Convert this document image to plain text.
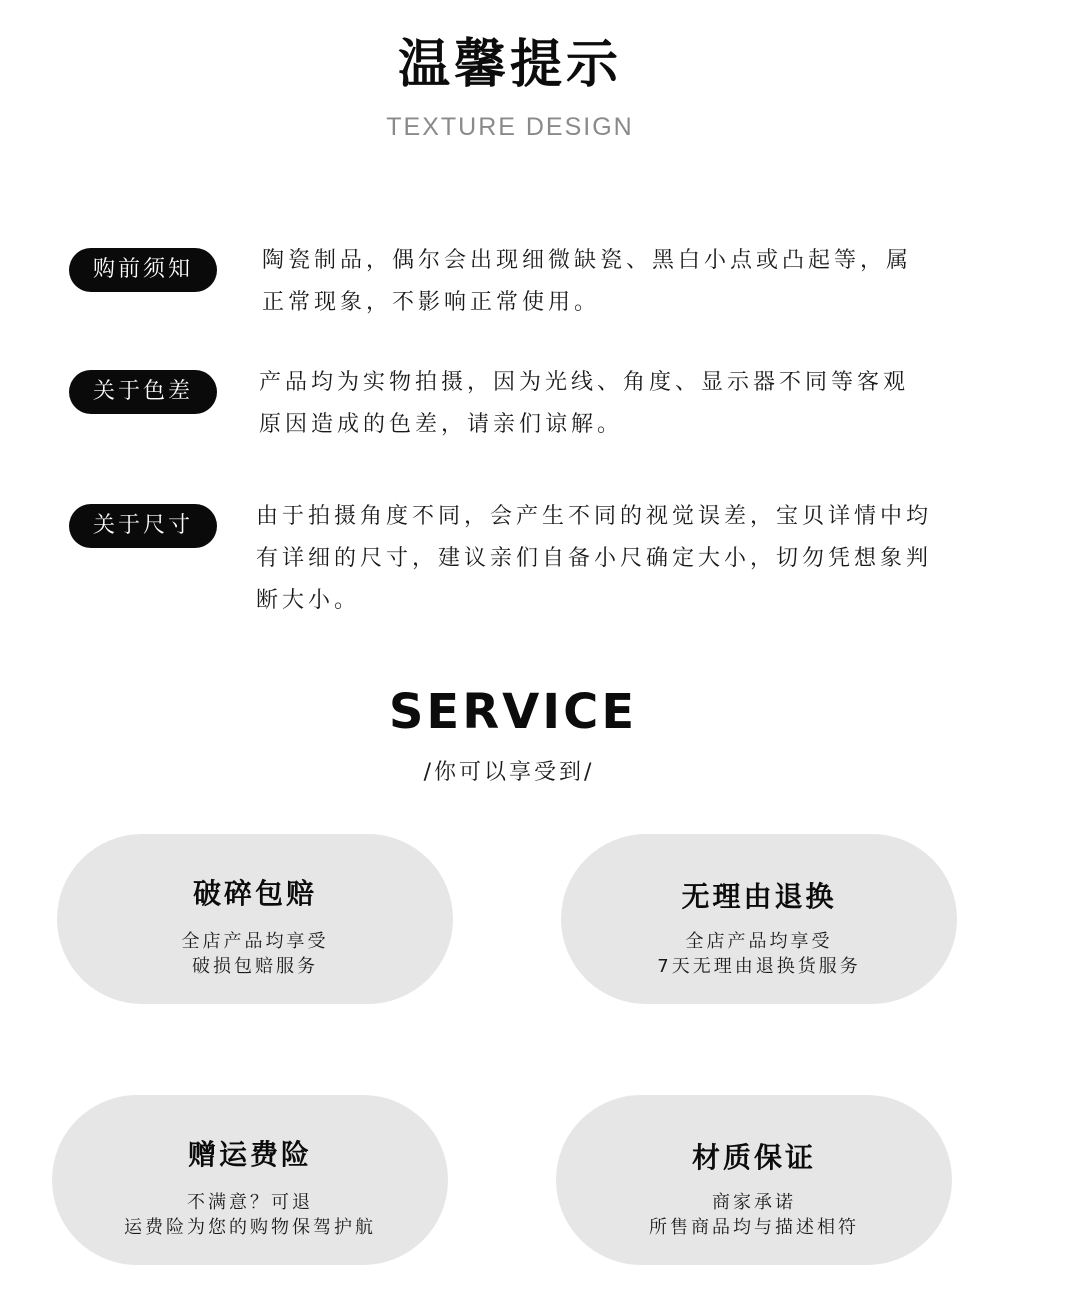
温馨提示
TEXTURE DESIGN
购前须知	陶瓷制品，偶尔会出现细微缺瓷、黑白小点或凸起等，属
正常现象，不影响正常使用。

关于色差	产品均为实物拍摄，因为光线、角度、显示器不同等客观
原因造成的色差，请亲们谅解。

关于尺寸	由于拍摄角度不同，会产生不同的视觉误差，宝贝详情中均
有详细的尺寸，建议亲们自备小尺确定大小，切勿凭想象判
断大小。

SERVICE
/你可以享受到/
破碎包赔
全店产品均享受
破损包赔服务
无理由退换
全店产品均享受
7天无理由退换货服务
赠运费险
不满意？可退
运费险为您的购物保驾护航
材质保证
商家承诺
所售商品均与描述相符
